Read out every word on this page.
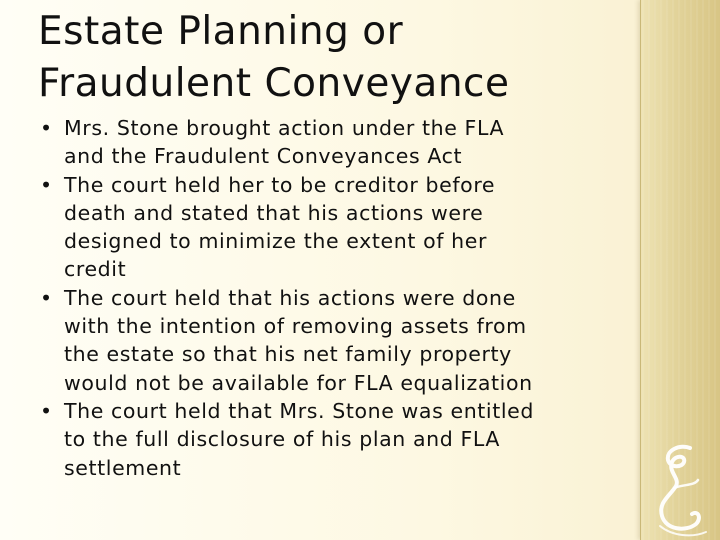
Estate Planning or
Fraudulent Conveyance
• Mrs. Stone brought action under the FLA
and the Fraudulent Conveyances Act
• The court held her to be creditor before
death and stated that his actions were
designed to minimize the extent of her
credit
• The court held that his actions were done
with the intention of removing assets from
the estate so that his net family property
would not be available for FLA equalization
• The court held that Mrs. Stone was entitled
to the full disclosure of his plan and FLA
settlement
